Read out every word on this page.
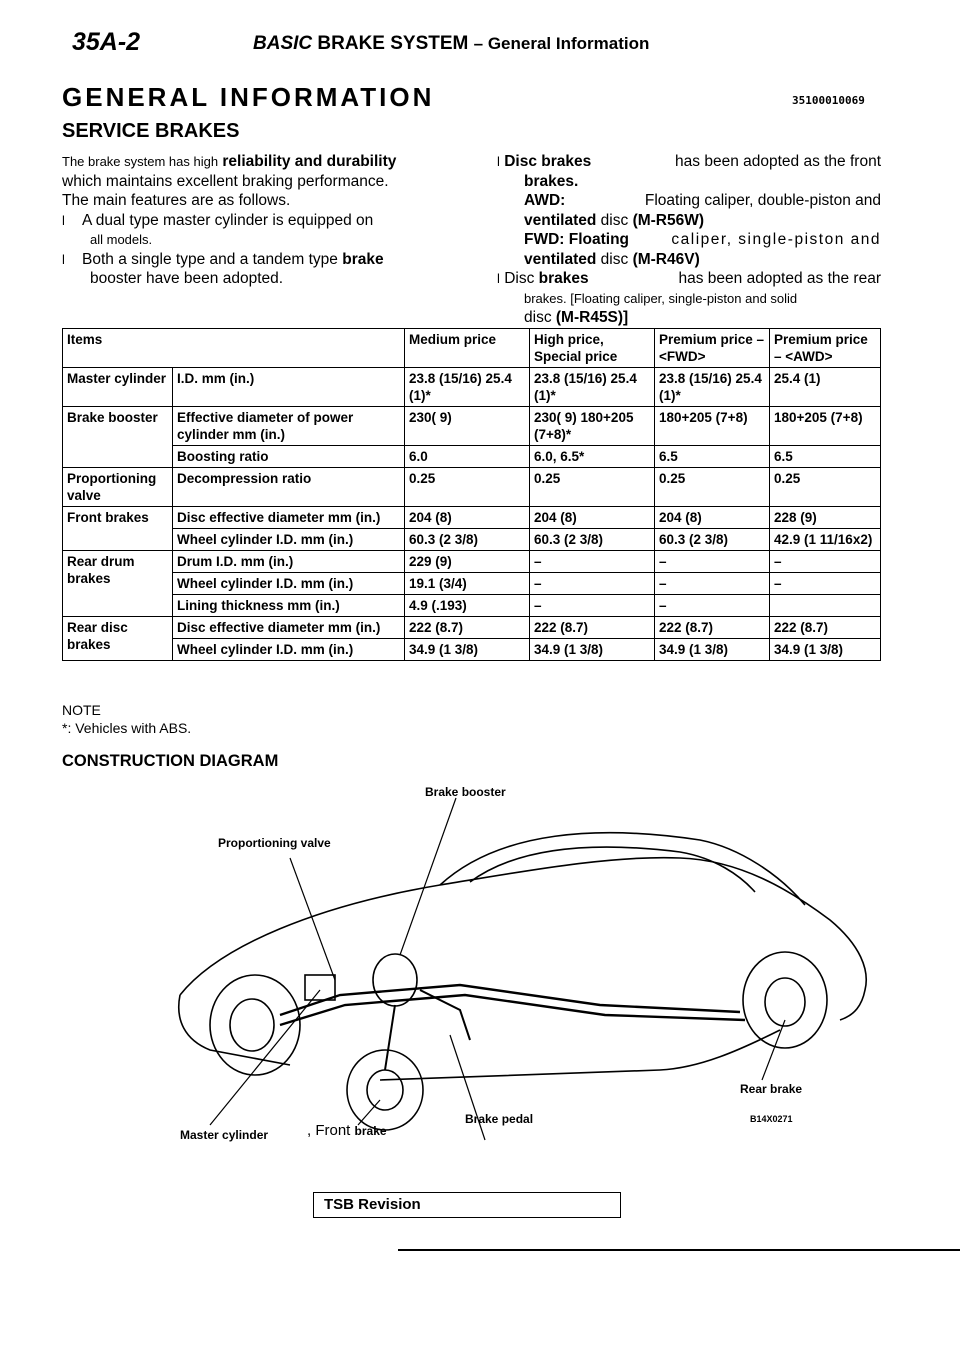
35A-2	BASIC BRAKE SYSTEM – General Information
35100010069
GENERAL INFORMATION
SERVICE BRAKES

The brake system has high reliability and durability

which maintains excellent braking performance.

The main features are as follows.

l	A dual type master cylinder is equipped on

all models.

l	Both a single type and a tandem type brake

booster have been adopted.

l Disc brakes	has been adopted as the front

brakes.

AWD:	Floating caliper, double-piston and

ventilated disc (M-R56W)

FWD: Floating	caliper, single-piston and

ventilated disc (M-R46V)

l Disc brakes	has been adopted as the rear

brakes. [Floating caliper, single-piston and solid

disc (M-R45S)]

Items		Medium price	High price, Special price	Premium price – <FWD>	Premium price – <AWD>
Master cylinder	I.D. mm (in.)	23.8 (15/16) 25.4 (1)*	23.8 (15/16) 25.4 (1)*	23.8 (15/16) 25.4 (1)*	25.4 (1)
Brake booster	Effective diameter of power cylinder mm (in.)	230( 9)	230( 9) 180+205 (7+8)*	180+205 (7+8)	180+205 (7+8)
	Boosting ratio	6.0	6.0, 6.5*	6.5	6.5
Proportioning valve	Decompression ratio	0.25	0.25	0.25	0.25
Front brakes	Disc effective diameter mm (in.)	204 (8)	204 (8)	204 (8)	228 (9)
	Wheel cylinder I.D. mm (in.)	60.3 (2 3/8)	60.3 (2 3/8)	60.3 (2 3/8)	42.9 (1 11/16x2)
Rear drum brakes	Drum I.D. mm (in.)	229 (9)	–	–	–
	Wheel cylinder I.D. mm (in.)	19.1 (3/4)	–	–	–
	Lining thickness mm (in.)	4.9 (.193)	–	–	
Rear disc brakes	Disc effective diameter mm (in.)	222 (8.7)	222 (8.7)	222 (8.7)	222 (8.7)
	Wheel cylinder I.D. mm (in.)	34.9 (1 3/8)	34.9 (1 3/8)	34.9 (1 3/8)	34.9 (1 3/8)
NOTE
*: Vehicles with ABS.
CONSTRUCTION DIAGRAM
Brake booster
Proportioning valve
Rear brake
Brake pedal
Master cylinder
B14X0271
, Front brake
TSB Revision
